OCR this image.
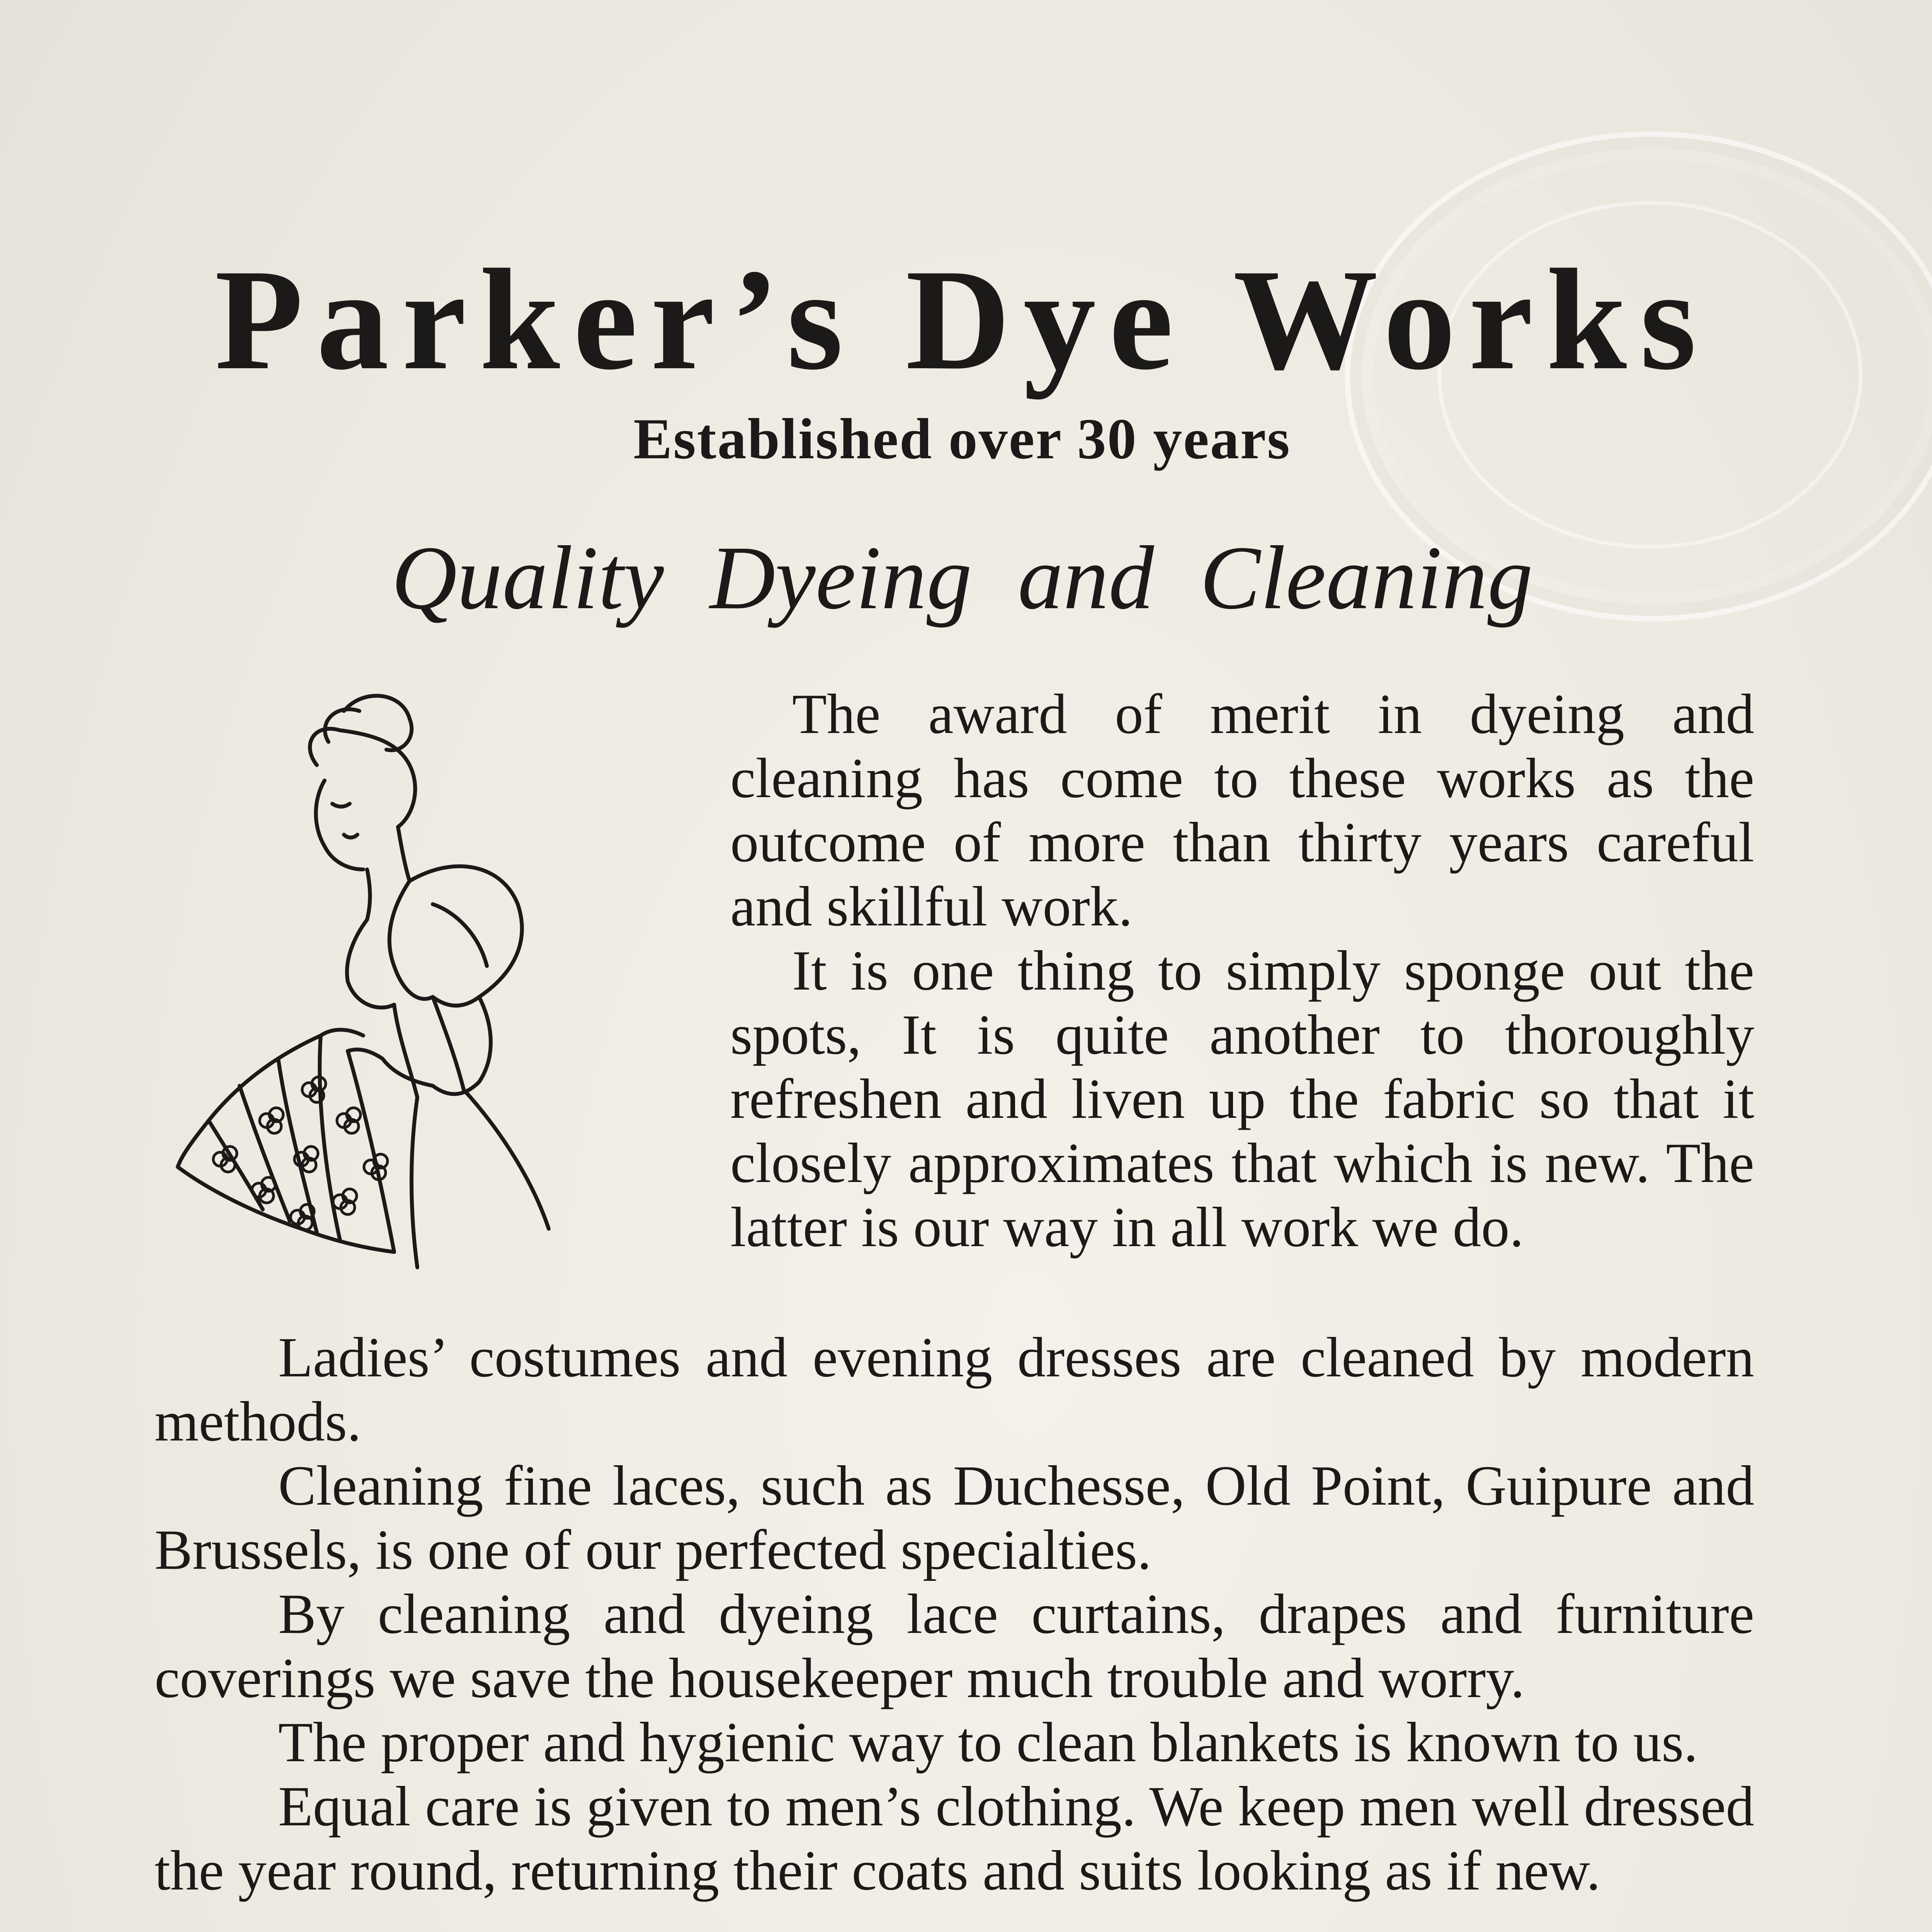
Parker’s Dye Works
Established over 30 years
Quality Dyeing and Cleaning

The award of merit in dyeing and cleaning has come to these works as the outcome of more than thirty years careful and skillful work.

It is one thing to simply sponge out the spots, It is quite another to thoroughly refreshen and liven up the fabric so that it closely approximates that which is new. The latter is our way in all work we do.

Ladies’ costumes and evening dresses are cleaned by modern methods.

Cleaning fine laces, such as Duchesse, Old Point, Guipure and Brussels, is one of our perfected specialties.

By cleaning and dyeing lace curtains, drapes and furniture coverings we save the housekeeper much trouble and worry.

The proper and hygienic way to clean blankets is known to us.

Equal care is given to men’s clothing. We keep men well dressed the year round, returning their coats and suits looking as if new.
